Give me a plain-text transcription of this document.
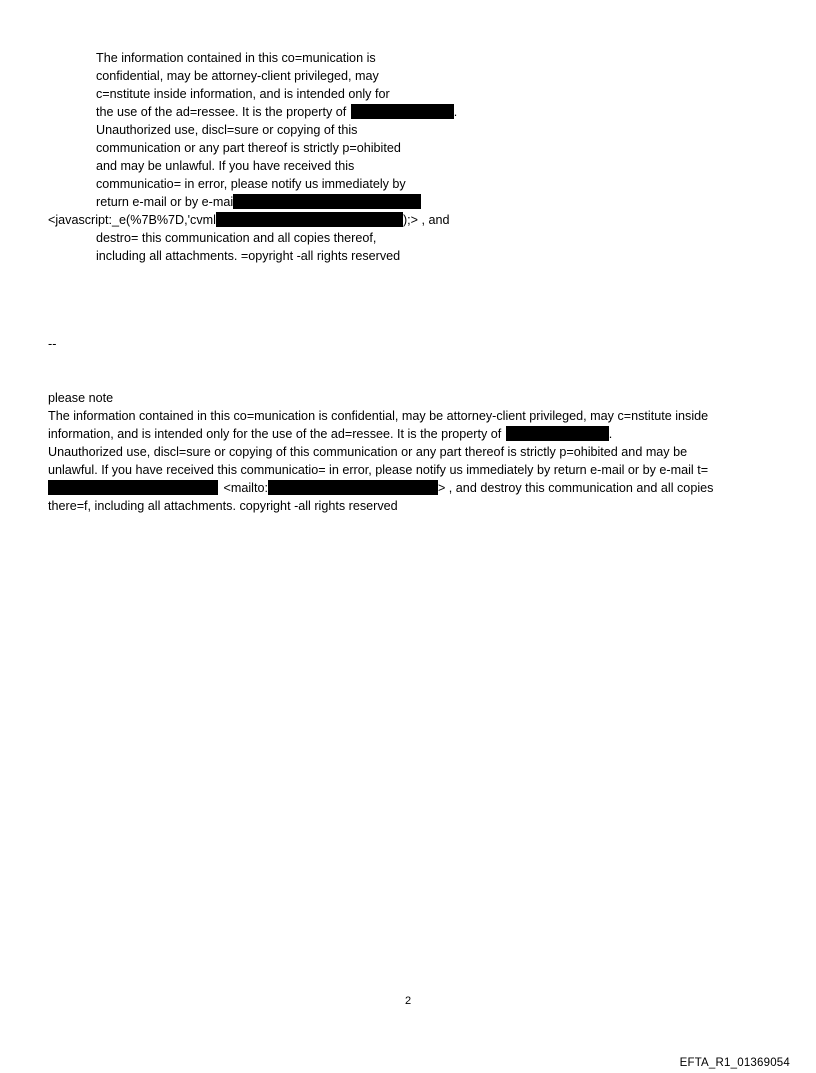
The information contained in this co=munication is
confidential, may be attorney-client privileged, may
c=nstitute inside information, and is intended only for
the use of the ad=ressee. It is the property of	.
Unauthorized use, discl=sure or copying of this
communication or any part thereof is strictly p=ohibited
and may be unlawful. If you have received this
communicatio= in error, please notify us immediately by
return e-mail or by e-mai
<javascript:_e(%7B%7D,'cvml	);> , and
destro= this communication and all copies thereof,
including all attachments. =opyright -all rights reserved
--
please note
The information contained in this co=munication is confidential, may be attorney-client privileged, may c=nstitute inside
information, and is intended only for the use of the ad=ressee. It is the property of	.
Unauthorized use, discl=sure or copying of this communication or any part thereof is strictly p=ohibited and may be
unlawful. If you have received this communicatio= in error, please notify us immediately by return e-mail or by e-mail t=
<mailto:	> , and destroy this communication and all copies
there=f, including all attachments. copyright -all rights reserved
2
EFTA_R1_01369054
